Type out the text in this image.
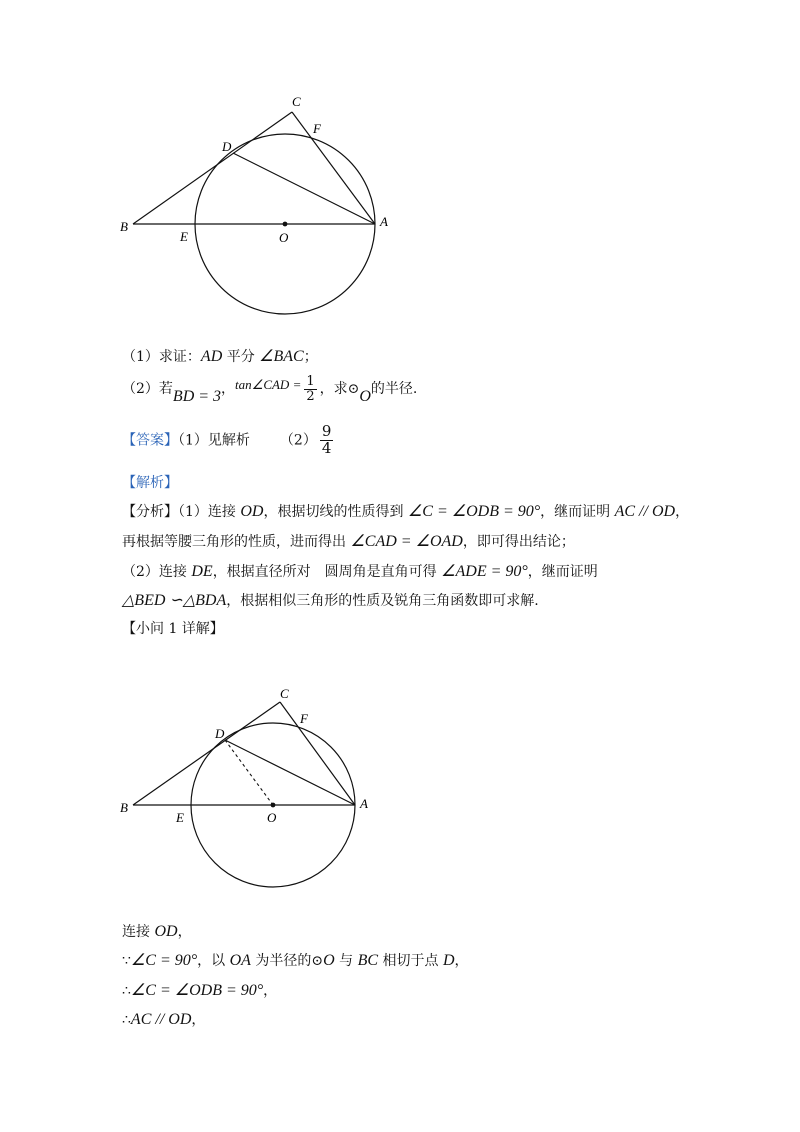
C
F
D
B
E	O
A
（1）求证：AD 平分 ∠BAC；
（2）若BD = 3，tan∠CAD = $\frac{1}{2}$ ，求⊙O的半径.
【答案】（1）见解析 $(2) \frac{9}{4}$
【解析】
【分析】（1）连接 OD，根据切线的性质得到 ∠C = ∠ODB = 90°，继而证明 AC // OD，
再根据等腰三角形的性质，进而得出 ∠CAD = ∠OAD，即可得出结论；
（2）连接 DE，根据直径所对　圆周角是直角可得 ∠ADE = 90°，继而证明
△BED ∽△BDA，根据相似三角形的性质及锐角三角函数即可求解.
【小问 1 详解】
C
F
D
B
E	O
A
连接 OD，
∵∠C = 90°，以 OA 为半径的⊙O 与 BC 相切于点 D，
∴∠C = ∠ODB = 90°，
∴AC // OD，
